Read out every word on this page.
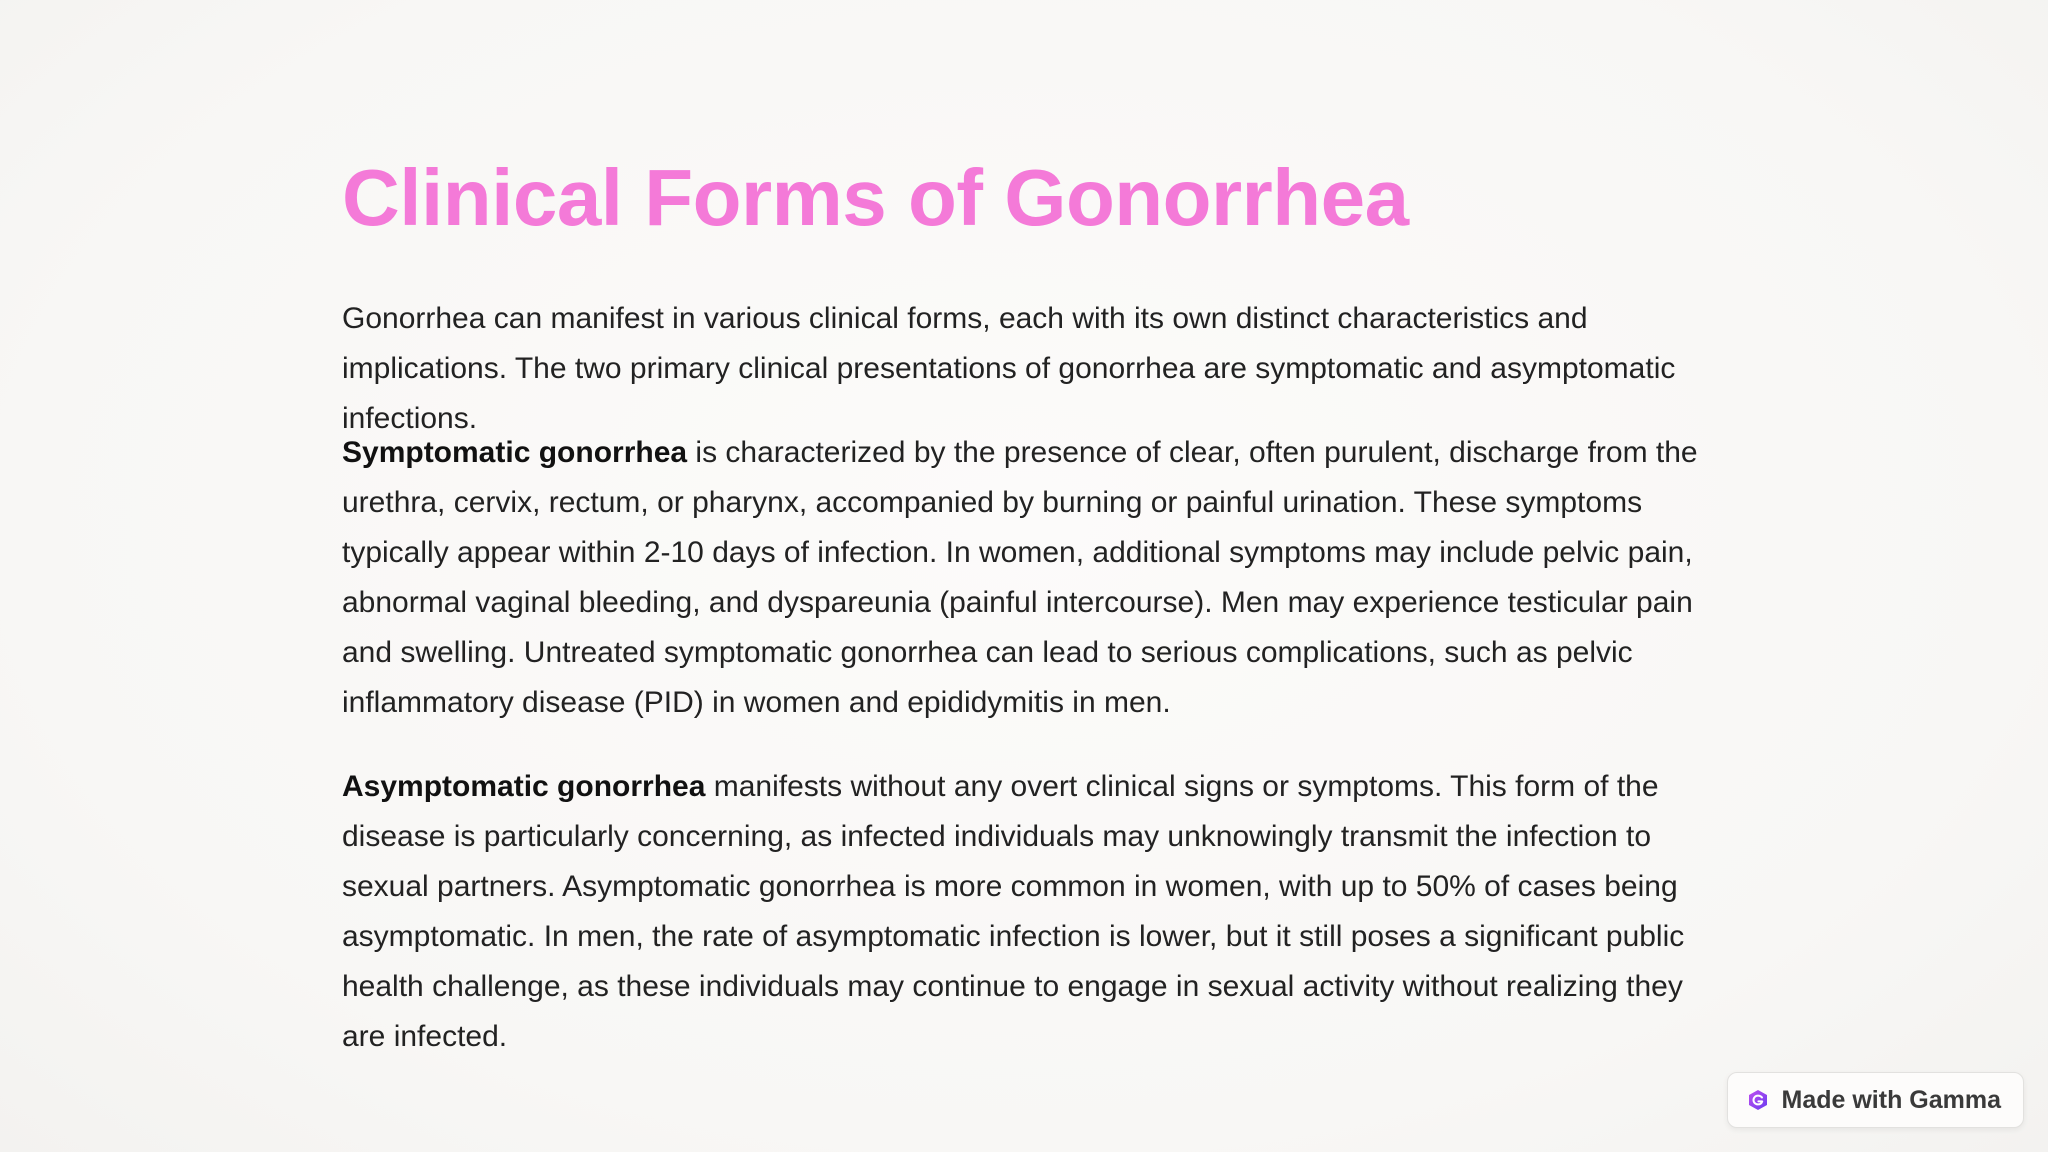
Clinical Forms of Gonorrhea

Gonorrhea can manifest in various clinical forms, each with its own distinct characteristics and implications. The two primary clinical presentations of gonorrhea are symptomatic and asymptomatic infections.

Symptomatic gonorrhea is characterized by the presence of clear, often purulent, discharge from the urethra, cervix, rectum, or pharynx, accompanied by burning or painful urination. These symptoms typically appear within 2-10 days of infection. In women, additional symptoms may include pelvic pain, abnormal vaginal bleeding, and dyspareunia (painful intercourse). Men may experience testicular pain and swelling. Untreated symptomatic gonorrhea can lead to serious complications, such as pelvic inflammatory disease (PID) in women and epididymitis in men.

Asymptomatic gonorrhea manifests without any overt clinical signs or symptoms. This form of the disease is particularly concerning, as infected individuals may unknowingly transmit the infection to sexual partners. Asymptomatic gonorrhea is more common in women, with up to 50% of cases being asymptomatic. In men, the rate of asymptomatic infection is lower, but it still poses a significant public health challenge, as these individuals may continue to engage in sexual activity without realizing they are infected.

Made with Gamma
